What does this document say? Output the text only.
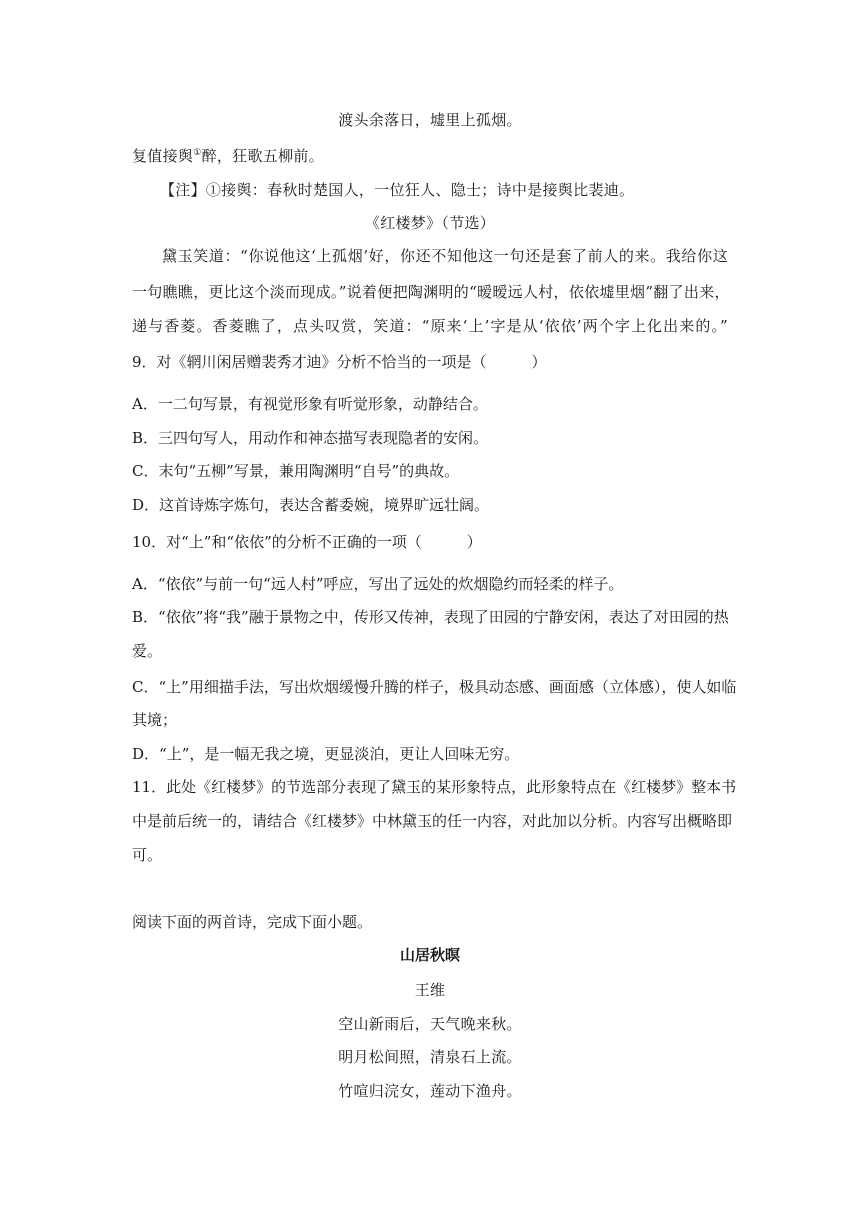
渡头余落日，墟里上孤烟。
复值接舆①醉，狂歌五柳前。
【注】①接舆：春秋时楚国人，一位狂人、隐士；诗中是接舆比裴迪。
《红楼梦》（节选）
黛玉笑道：“你说他这‘上孤烟’好，你还不知他这一句还是套了前人的来。我给你这
一句瞧瞧，更比这个淡而现成。”说着便把陶渊明的“暧暧远人村，依依墟里烟”翻了出来，
递与香菱。香菱瞧了，点头叹赏，笑道：“原来‘上’字是从‘依依’两个字上化出来的。”
9．对《辋川闲居赠裴秀才迪》分析不恰当的一项是（　　　）
A．一二句写景，有视觉形象有听觉形象，动静结合。
B．三四句写人，用动作和神态描写表现隐者的安闲。
C．末句“五柳”写景，兼用陶渊明“自号”的典故。
D．这首诗炼字炼句，表达含蓄委婉，境界旷远壮阔。
10．对“上”和“依依”的分析不正确的一项（　　　）
A．“依依”与前一句“远人村”呼应，写出了远处的炊烟隐约而轻柔的样子。
B．“依依”将“我”融于景物之中，传形又传神，表现了田园的宁静安闲，表达了对田园的热
爱。
C．“上”用细描手法，写出炊烟缓慢升腾的样子，极具动态感、画面感（立体感），使人如临
其境；
D．“上”，是一幅无我之境，更显淡泊，更让人回味无穷。
11．此处《红楼梦》的节选部分表现了黛玉的某形象特点，此形象特点在《红楼梦》整本书
中是前后统一的，请结合《红楼梦》中林黛玉的任一内容，对此加以分析。内容写出概略即
可。
阅读下面的两首诗，完成下面小题。
山居秋暝
王维
空山新雨后，天气晚来秋。
明月松间照，清泉石上流。
竹喧归浣女，莲动下渔舟。
